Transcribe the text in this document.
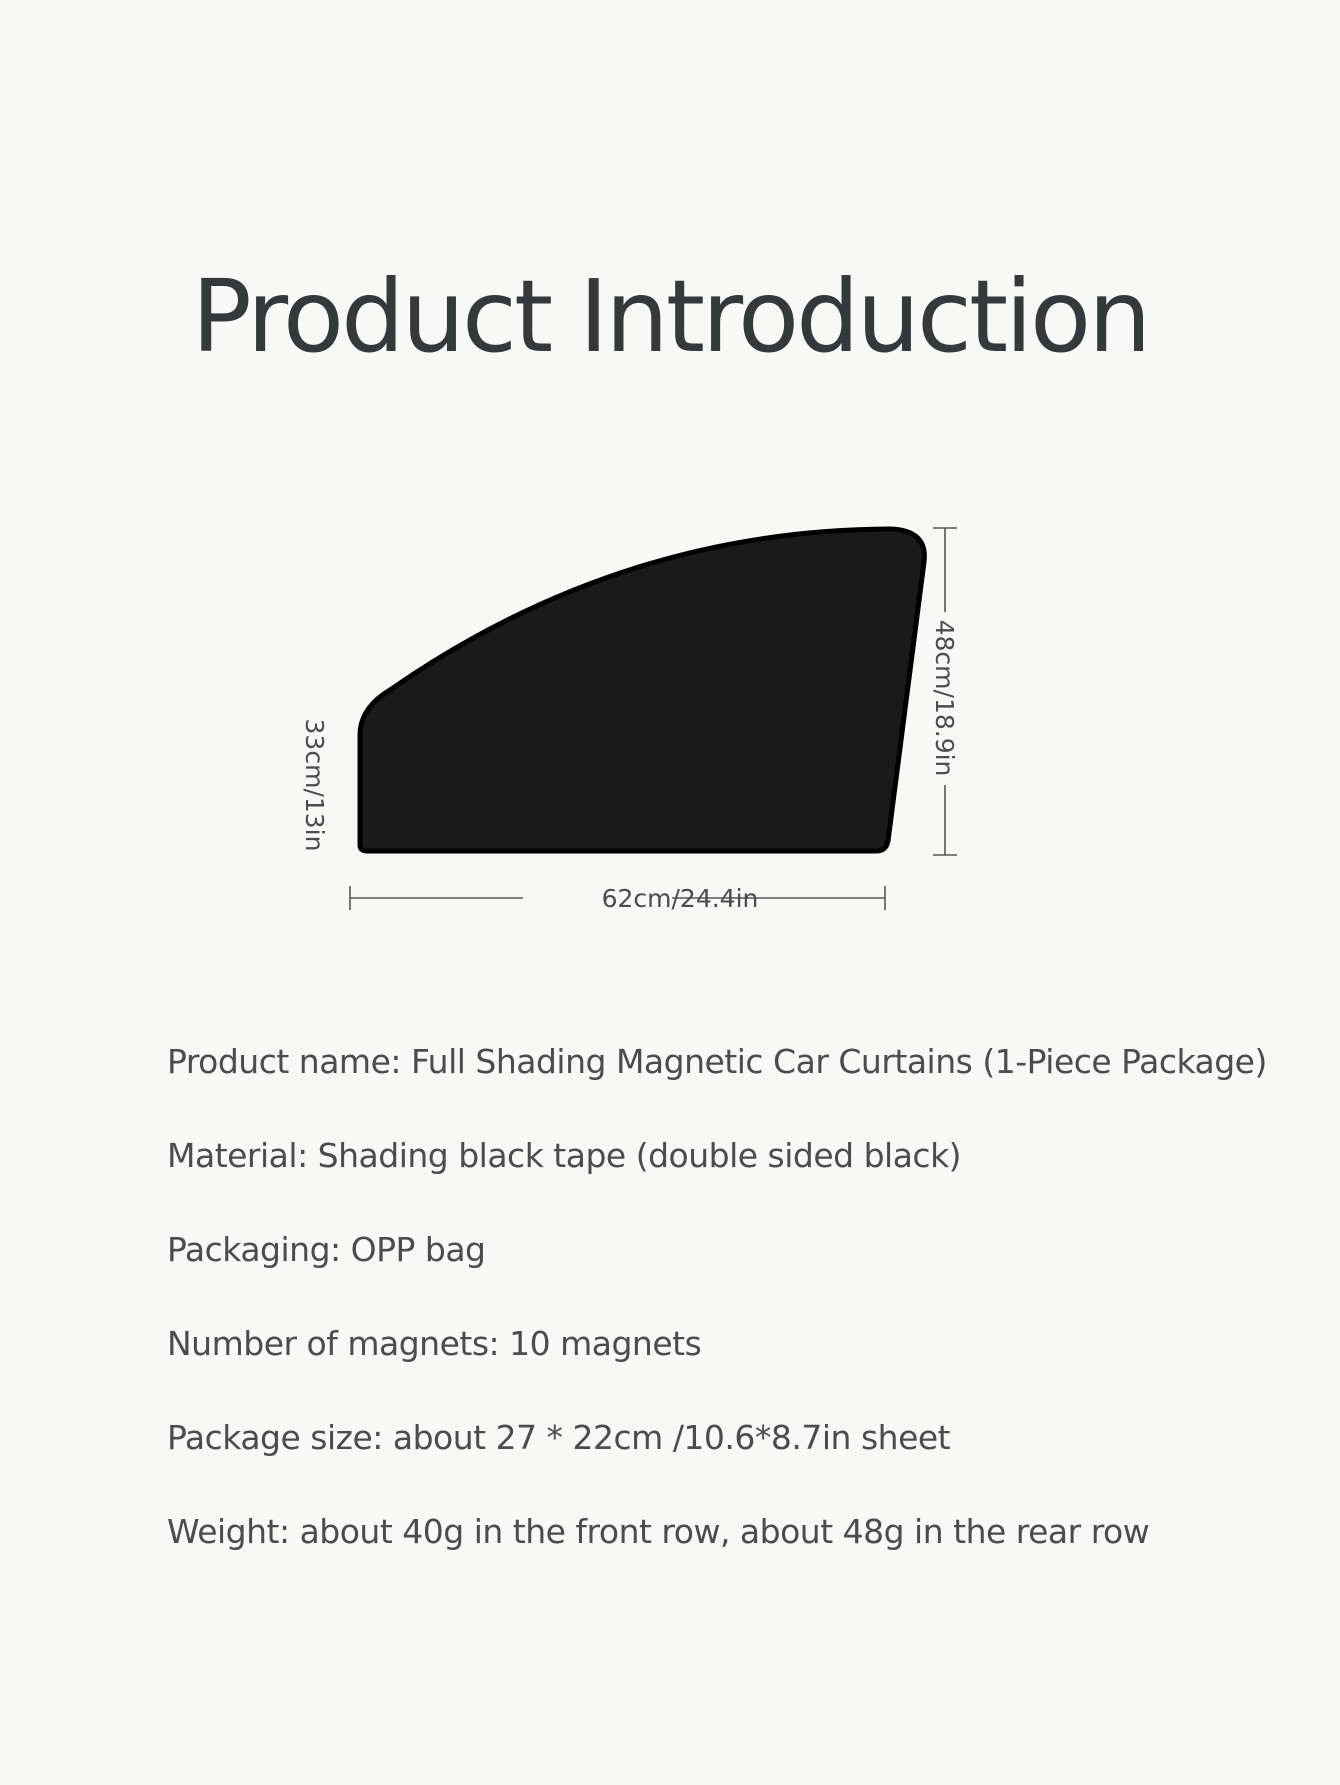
Product Introduction
48cm/18.9in
33cm/13in
62cm/24.4in
Product name: Full Shading Magnetic Car Curtains (1-Piece Package)
Material: Shading black tape (double sided black)
Packaging: OPP bag
Number of magnets: 10 magnets
Package size: about 27 * 22cm /10.6*8.7in sheet
Weight: about 40g in the front row, about 48g in the rear row
